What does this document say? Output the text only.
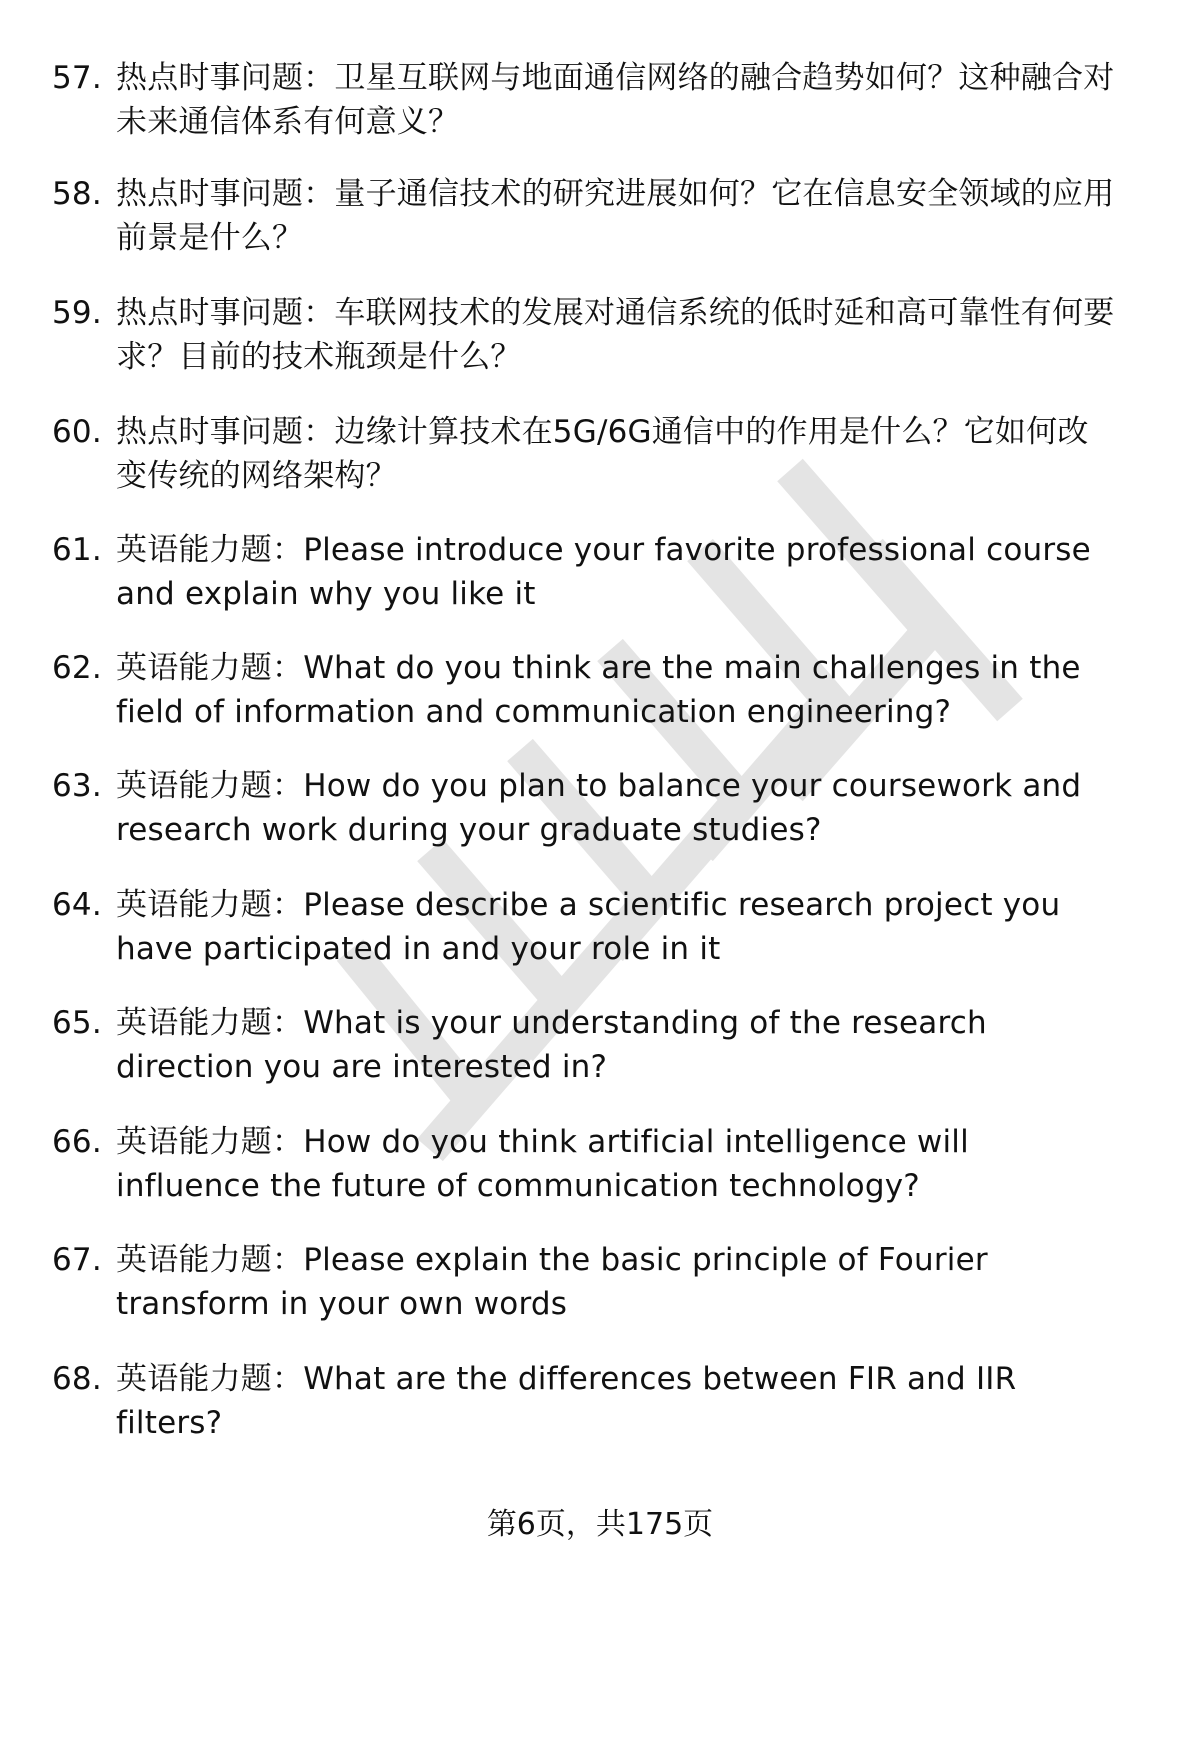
57. 热点时事问题：卫星互联网与地面通信网络的融合趋势如何？这种融合对未来通信体系有何意义？
58. 热点时事问题：量子通信技术的研究进展如何？它在信息安全领域的应用前景是什么？
59. 热点时事问题：车联网技术的发展对通信系统的低时延和高可靠性有何要求？目前的技术瓶颈是什么？
60. 热点时事问题：边缘计算技术在5G/6G通信中的作用是什么？它如何改变传统的网络架构？
61. 英语能力题：Please introduce your favorite professional course and explain why you like it
62. 英语能力题：What do you think are the main challenges in the field of information and communication engineering?
63. 英语能力题：How do you plan to balance your coursework and research work during your graduate studies?
64. 英语能力题：Please describe a scientific research project you have participated in and your role in it
65. 英语能力题：What is your understanding of the research direction you are interested in?
66. 英语能力题：How do you think artificial intelligence will influence the future of communication technology?
67. 英语能力题：Please explain the basic principle of Fourier transform in your own words
68. 英语能力题：What are the differences between FIR and IIR filters?
第6页，共175页
